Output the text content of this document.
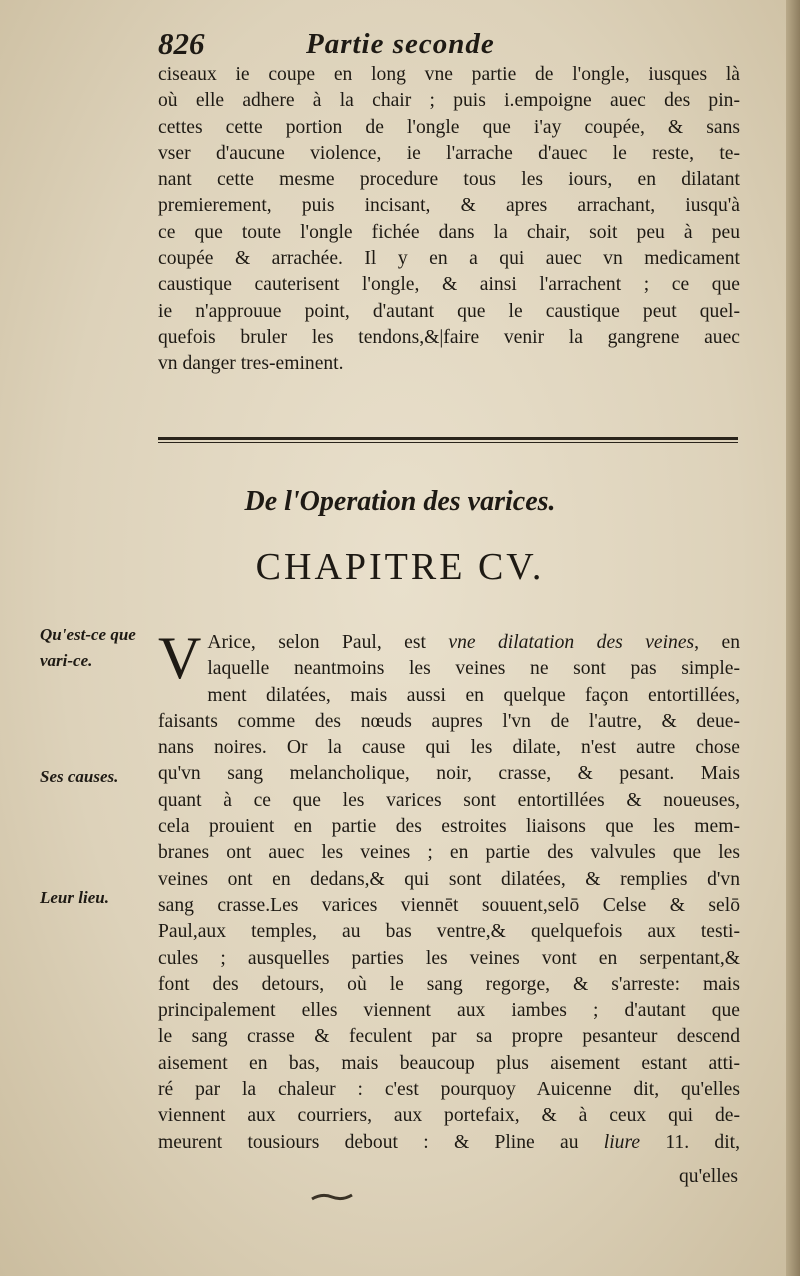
826	Partie seconde
ciseaux ie coupe en long vne partie de l'ongle, iusques là
où elle adhere à la chair ; puis i.empoigne auec des pin-
cettes cette portion de l'ongle que i'ay coupée, & sans
vser d'aucune violence, ie l'arrache d'auec le reste, te-
nant cette mesme procedure tous les iours, en dilatant
premierement, puis incisant, & apres arrachant, iusqu'à
ce que toute l'ongle fichée dans la chair, soit peu à peu
coupée & arrachée. Il y en a qui auec vn medicament
caustique cauterisent l'ongle, & ainsi l'arrachent ; ce que
ie n'approuue point, d'autant que le caustique peut quel-
quefois bruler les tendons,&|faire venir la gangrene auec
vn danger tres-eminent.
De l'Operation des varices.
CHAPITRE CV.
Qu'est-ce que vari-ce.
Ses causes.
Leur lieu.
V Arice, selon Paul, est vne dilatation des veines, en
laquelle neantmoins les veines ne sont pas simple-
ment dilatées, mais aussi en quelque façon entortillées,
faisants comme des nœuds aupres l'vn de l'autre, & deue-
nans noires. Or la cause qui les dilate, n'est autre chose
qu'vn sang melancholique, noir, crasse, & pesant. Mais
quant à ce que les varices sont entortillées & noueuses,
cela prouient en partie des estroites liaisons que les mem-
branes ont auec les veines ; en partie des valvules que les
veines ont en dedans,& qui sont dilatées, & remplies d'vn
sang crasse.Les varices viennēt souuent,selō Celse & selō
Paul,aux temples, au bas ventre,& quelquefois aux testi-
cules ; ausquelles parties les veines vont en serpentant,&
font des detours, où le sang regorge, & s'arreste: mais
principalement elles viennent aux iambes ; d'autant que
le sang crasse & feculent par sa propre pesanteur descend
aisement en bas, mais beaucoup plus aisement estant atti-
ré par la chaleur : c'est pourquoy Auicenne dit, qu'elles
viennent aux courriers, aux portefaix, & à ceux qui de-
meurent tousiours debout : & Pline au liure 11. dit,
qu'elles
